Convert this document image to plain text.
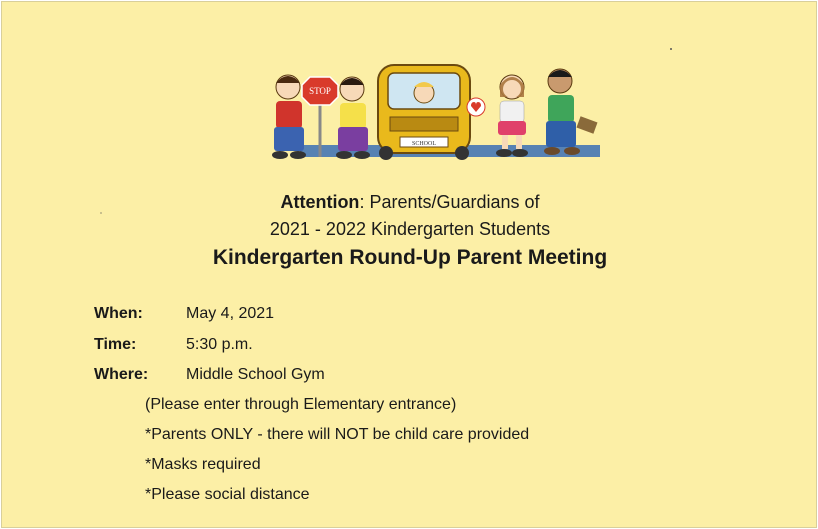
SCHOOL
STOP
Attention: Parents/Guardians of
2021 - 2022 Kindergarten Students
Kindergarten Round-Up Parent Meeting
When:	May 4, 2021
Time:	5:30 p.m.
Where: Middle School Gym
(Please enter through Elementary entrance)
*Parents ONLY - there will NOT be child care provided
*Masks required
*Please social distance
